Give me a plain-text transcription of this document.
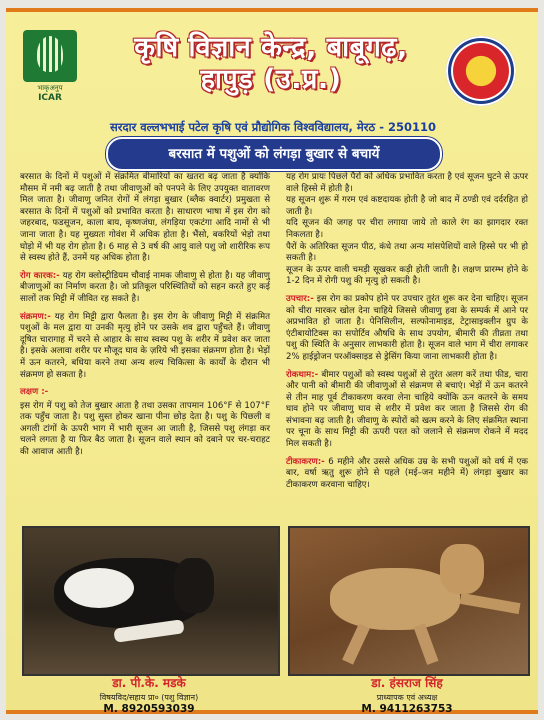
भाकृअनुप
ICAR
कृषि विज्ञान केन्द्र, बाबूगढ़,
हापुड़ (उ.प्र.)
सरदार वल्लभभाई पटेल कृषि एवं प्रौद्योगिक विश्वविद्यालय, मेरठ - 250110
बरसात में पशुओं को लंगड़ा बुखार से बचायें

बरसात के दिनों में पशुओं में संक्रमित बीमारियों का खतरा बढ़ जाता है क्योंकि मौसम में नमी बढ़ जाती है तथा जीवाणुओं को पनपने के लिए उपयुक्त वातावरण मिल जाता है। जीवाणु जनित रोगों में लंगड़ा बुखार (ब्लैक क्वार्टर) प्रमुखता से बरसात के दिनों में पशुओं को प्रभावित करता है। साधारण भाषा में इस रोग को जहरबाद, फडसूजन, काला बाय, कृष्णजंघा, लंगड़िया एकटंगा आदि नामों से भी जाना जाता है। यह मुख्यतः गोवंश में अधिक होता है। भैंसो, बकरियों भेड़ो तथा घोड़ो में भी यह रोग होता है। 6 माह से 3 वर्ष की आयु वाले पशु जो शारीरिक रूप से स्वस्थ होते हैं, उनमें यह अधिक होता है।

रोग कारक:- यह रोग क्लोस्ट्रीडियम चौवाई नामक जीवाणु से होता है। यह जीवाणु बीजाणुओं का निर्माण करता है। जो प्रतिकूल परिस्थितियों को सहन करते हुए कई सालों तक मिट्टी में जीवित रह सकते है।

संक्रमण:- यह रोग मिट्टी द्वारा फैलता है। इस रोग के जीवाणु मिट्टी में संक्रमित पशुओं के मल द्वारा या उनकी मृत्यु होने पर उसके शव द्वारा पहुँचते हैं। जीवाणु दूषित चारागाह में चरने से आहार के साथ स्वस्थ पशु के शरीर में प्रवेश कर जाता है। इसके अलावा शरीर पर मौजूद घाव के ज़रिये भी इसका संक्रमण होता है। भेड़ों में ऊन कतरने, बधिया करने तथा अन्य शल्य चिकित्सा के कार्यों के दौरान भी संक्रमण हो सकता है।

लक्षण :-

इस रोग में पशु को तेज बुखार आता है तथा उसका तापमान 106°F से 107°F तक पहुँच जाता है। पशु सुस्त होकर खाना पीना छोड़ देता है। पशु के पिछली व अगली टांगों के ऊपरी भाग में भारी सूजन आ जाती है, जिससे पशु लंगड़ा कर चलने लगता है या फिर बैठ जाता है। सूजन वाले स्थान को दबाने पर चर-चराहट की आवाज आती है।

यह रोग प्रायः पिछले पैरों को अधिक प्रभावित करता है एवं सूजन घुटने से ऊपर वाले हिस्से में होती है।
यह सूजन शुरू में गरम एवं कष्टदायक होती है जो बाद में ठण्डी एवं दर्दरहित हो जाती है।
यदि सूजन की जगह पर चीरा लगाया जाये तो काले रंग का झागदार रक्त निकलता है।
पैरों के अतिरिक्त सूजन पीठ, कंधे तथा अन्य मांसपेशियों वाले हिस्से पर भी हो सकती है।
सूजन के ऊपर वाली चमड़ी सूखकर कड़ी होती जाती है। लक्षण प्रारम्भ होने के 1-2 दिन में रोगी पशु की मृत्यु हो सकती है।

उपचार:- इस रोग का प्रकोप होने पर उपचार तुरंत शुरू कर देना चाहिए। सूजन को चीरा मारकर खोल देना चाहिये जिससे जीवाणु हवा के सम्पर्क में आने पर अप्रभावित हो जाता है। पेनिसिलीन, सल्फोनामाइड, टेट्रासाइक्लीन ग्रुप के एंटीबायोटिक्स का सपोर्टिव औषधि के साथ उपयोग, बीमारी की तीव्रता तथा पशु की स्थिति के अनुसार लाभकारी होता है। सूजन वाले भाग में चीरा लगाकर 2% हाईड्रोजन परऑक्साइड से ड्रेसिंग किया जाना लाभकारी होता है।

रोकथाम:- बीमार पशुओं को स्वस्थ पशुओं से तुरंत अलग करें तथा फीड, चारा और पानी को बीमारी की जीवाणुओं से संक्रमण से बचाएं। भेड़ों में ऊन कतरने से तीन माह पूर्व टीकाकरण करवा लेना चाहिये क्योंकि ऊन कतरने के समय घाव होने पर जीवाणु घाव से शरीर में प्रवेश कर जाता है जिससे रोग की संभावना बढ़ जाती है। जीवाणु के स्पोरों को खत्म करने के लिए संक्रमित स्थाना पर चूना के साथ मिट्टी की ऊपरी परत को जलाने से संक्रमण रोकने में मदद मिल सकती है।

टीकाकरण:- 6 महीने और उससे अधिक उम्र के सभी पशुओं को वर्ष में एक बार, वर्षा ऋतु शुरू होने से पहले (मई–जन महीने में) लंगड़ा बुखार का टीकाकरण करवाना चाहिए।

डा. पी.के. मडके
विषयविद/सहाय प्रा० (पशु विज्ञान)
M. 8920593039
डा. हंसराज सिंह
प्राध्यापक एवं अध्यक्ष
M. 9411263753
